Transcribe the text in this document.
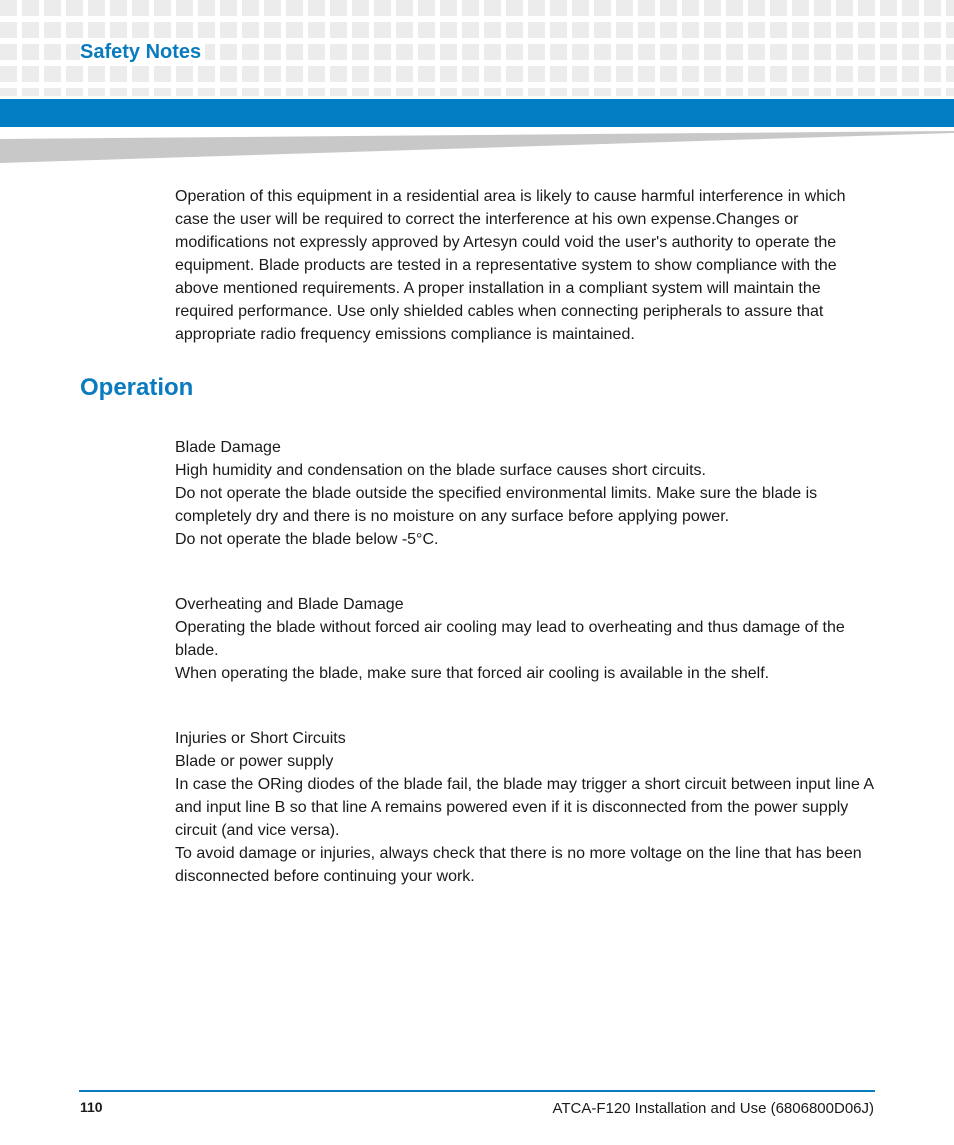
Safety Notes

Operation of this equipment in a residential area is likely to cause harmful interference in which case the user will be required to correct the interference at his own expense.Changes or modifications not expressly approved by Artesyn could void the user's authority to operate the equipment. Blade products are tested in a representative system to show compliance with the above mentioned requirements. A proper installation in a compliant system will maintain the required performance. Use only shielded cables when connecting peripherals to assure that appropriate radio frequency emissions compliance is maintained.

Operation

Blade Damage

High humidity and condensation on the blade surface causes short circuits.

Do not operate the blade outside the specified environmental limits. Make sure the blade is completely dry and there is no moisture on any surface before applying power.

Do not operate the blade below -5°C.

Overheating and Blade Damage

Operating the blade without forced air cooling may lead to overheating and thus damage of the blade.

When operating the blade, make sure that forced air cooling is available in the shelf.

Injuries or Short Circuits

Blade or power supply

In case the ORing diodes of the blade fail, the blade may trigger a short circuit between input line A and input line B so that line A remains powered even if it is disconnected from the power supply circuit (and vice versa).

To avoid damage or injuries, always check that there is no more voltage on the line that has been disconnected before continuing your work.

110	ATCA-F120 Installation and Use (6806800D06J)
